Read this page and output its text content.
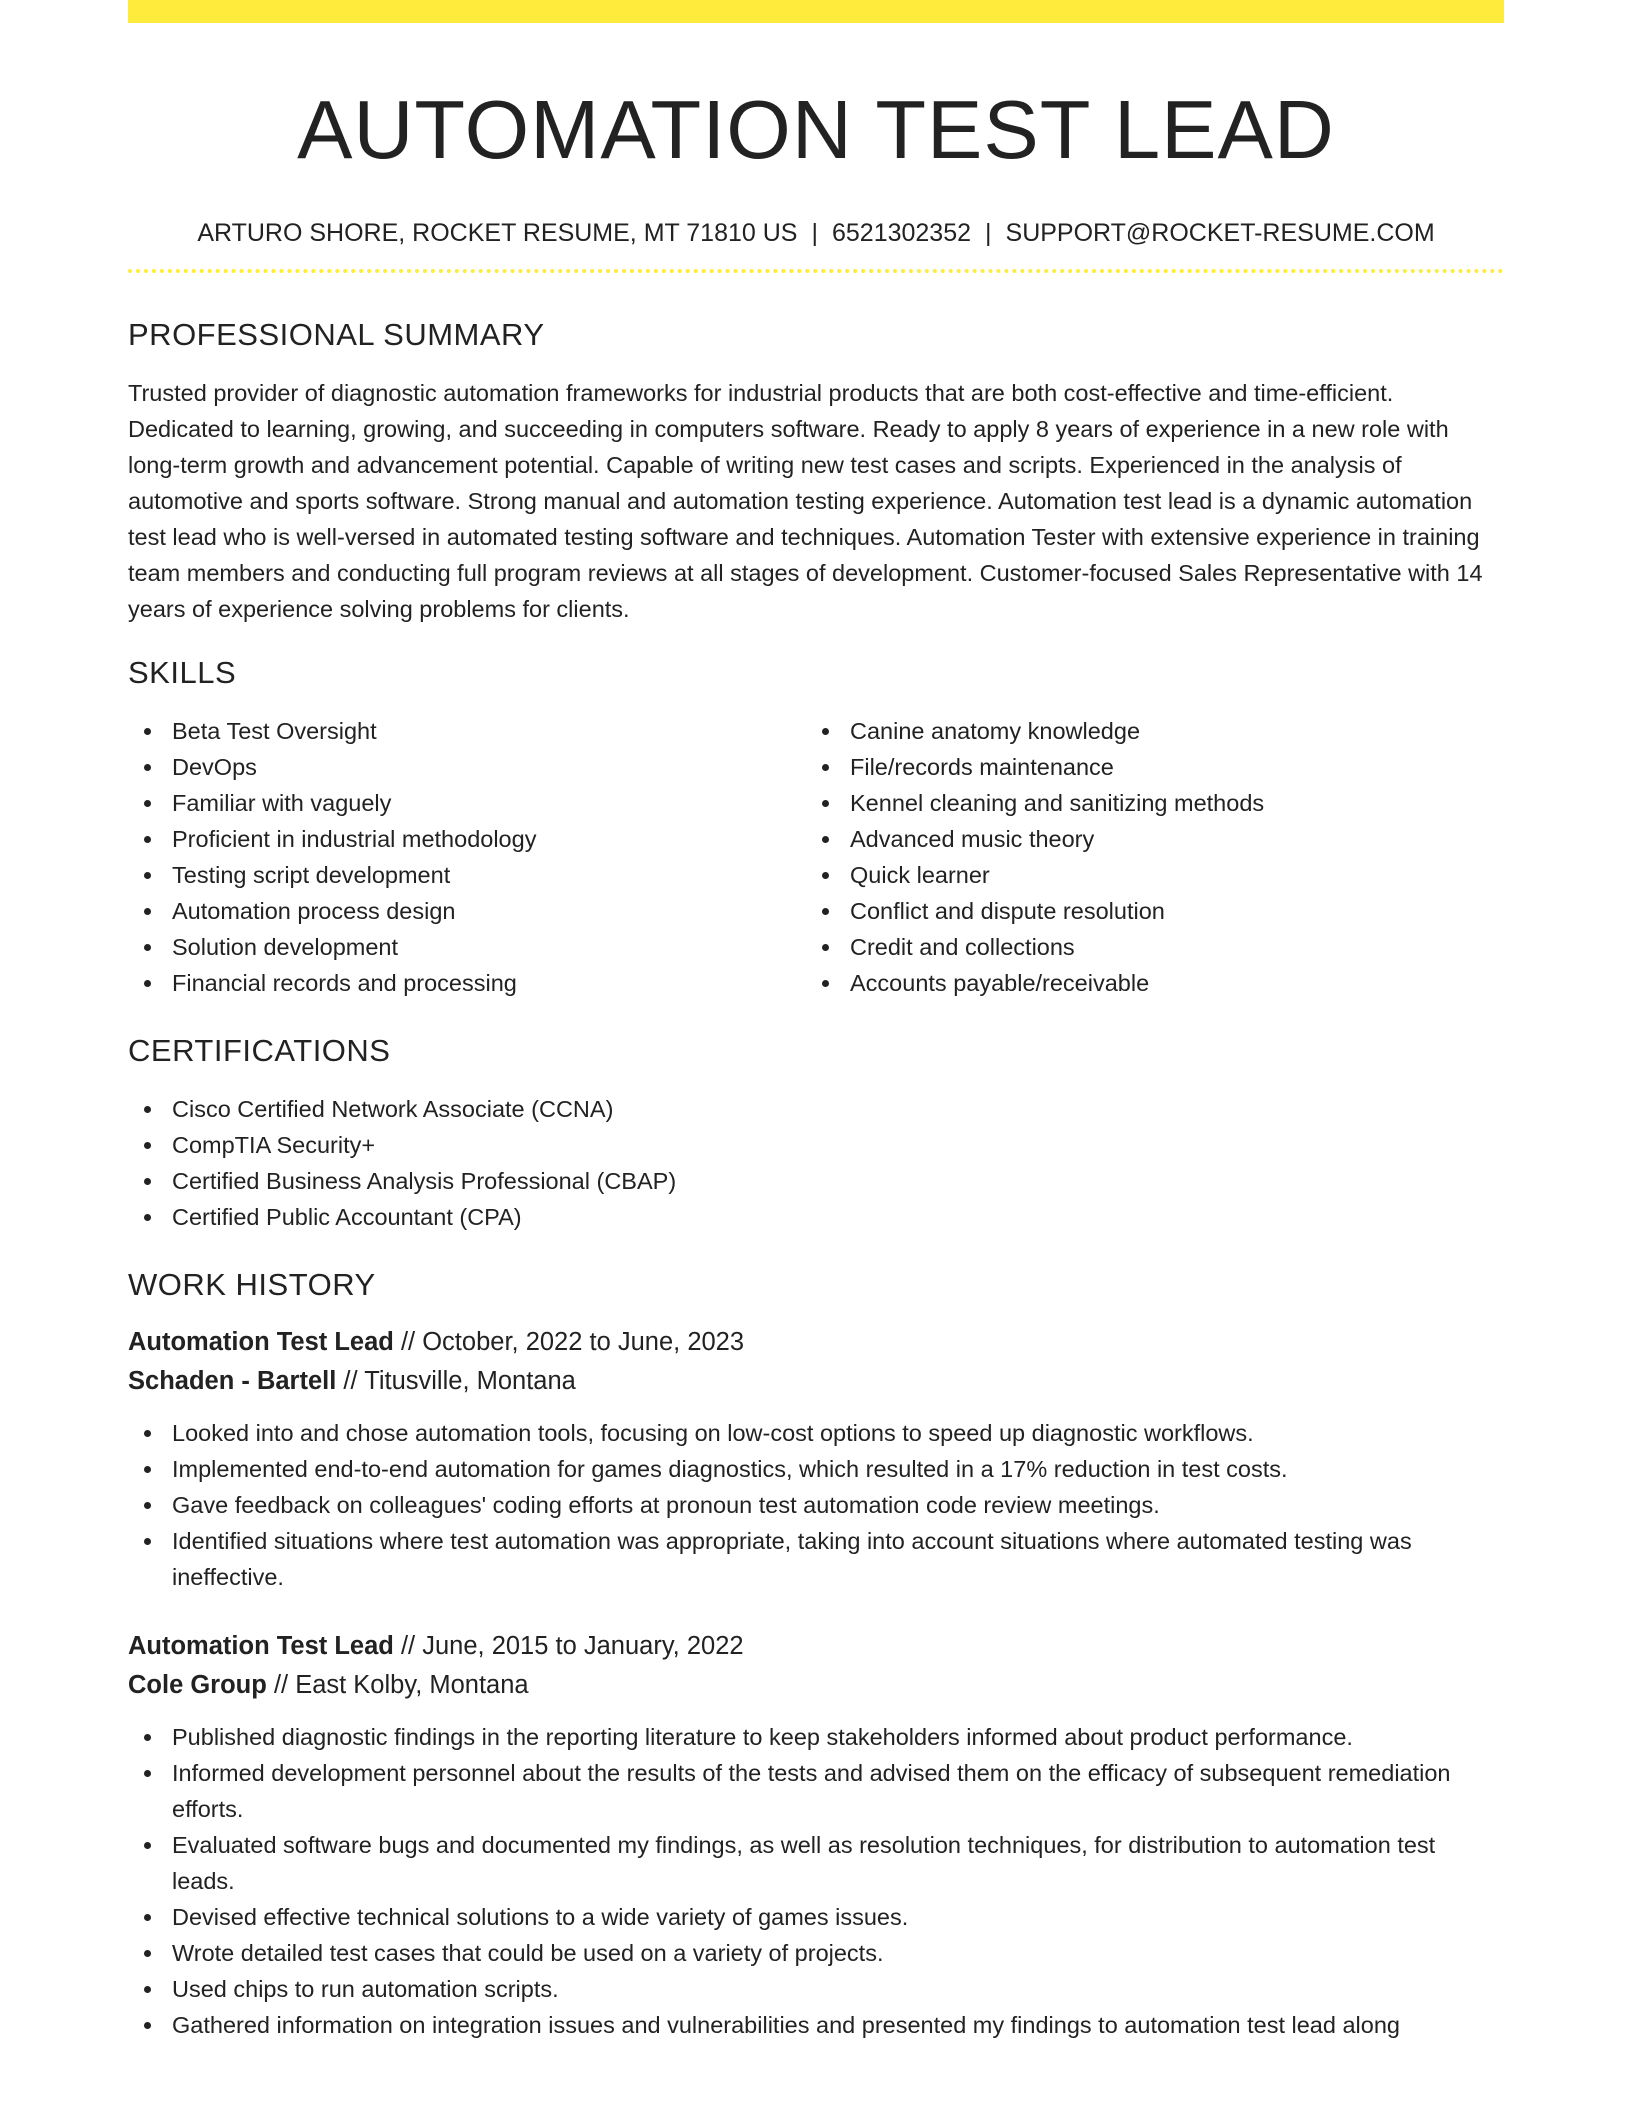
AUTOMATION TEST LEAD
ARTURO SHORE, ROCKET RESUME, MT 71810 US | 6521302352 | SUPPORT@ROCKET-RESUME.COM
PROFESSIONAL SUMMARY

Trusted provider of diagnostic automation frameworks for industrial products that are both cost-effective and time-efficient. Dedicated to learning, growing, and succeeding in computers software. Ready to apply 8 years of experience in a new role with long-term growth and advancement potential. Capable of writing new test cases and scripts. Experienced in the analysis of automotive and sports software. Strong manual and automation testing experience. Automation test lead is a dynamic automation test lead who is well-versed in automated testing software and techniques. Automation Tester with extensive experience in training team members and conducting full program reviews at all stages of development. Customer-focused Sales Representative with 14 years of experience solving problems for clients.

SKILLS
Beta Test Oversight
DevOps
Familiar with vaguely
Proficient in industrial methodology
Testing script development
Automation process design
Solution development
Financial records and processing
Canine anatomy knowledge
File/records maintenance
Kennel cleaning and sanitizing methods
Advanced music theory
Quick learner
Conflict and dispute resolution
Credit and collections
Accounts payable/receivable
CERTIFICATIONS
Cisco Certified Network Associate (CCNA)
CompTIA Security+
Certified Business Analysis Professional (CBAP)
Certified Public Accountant (CPA)
WORK HISTORY
Automation Test Lead // October, 2022 to June, 2023
Schaden - Bartell // Titusville, Montana
Looked into and chose automation tools, focusing on low-cost options to speed up diagnostic workflows.
Implemented end-to-end automation for games diagnostics, which resulted in a 17% reduction in test costs.
Gave feedback on colleagues' coding efforts at pronoun test automation code review meetings.
Identified situations where test automation was appropriate, taking into account situations where automated testing was ineffective.
Automation Test Lead // June, 2015 to January, 2022
Cole Group // East Kolby, Montana
Published diagnostic findings in the reporting literature to keep stakeholders informed about product performance.
Informed development personnel about the results of the tests and advised them on the efficacy of subsequent remediation efforts.
Evaluated software bugs and documented my findings, as well as resolution techniques, for distribution to automation test leads.
Devised effective technical solutions to a wide variety of games issues.
Wrote detailed test cases that could be used on a variety of projects.
Used chips to run automation scripts.
Gathered information on integration issues and vulnerabilities and presented my findings to automation test lead along
